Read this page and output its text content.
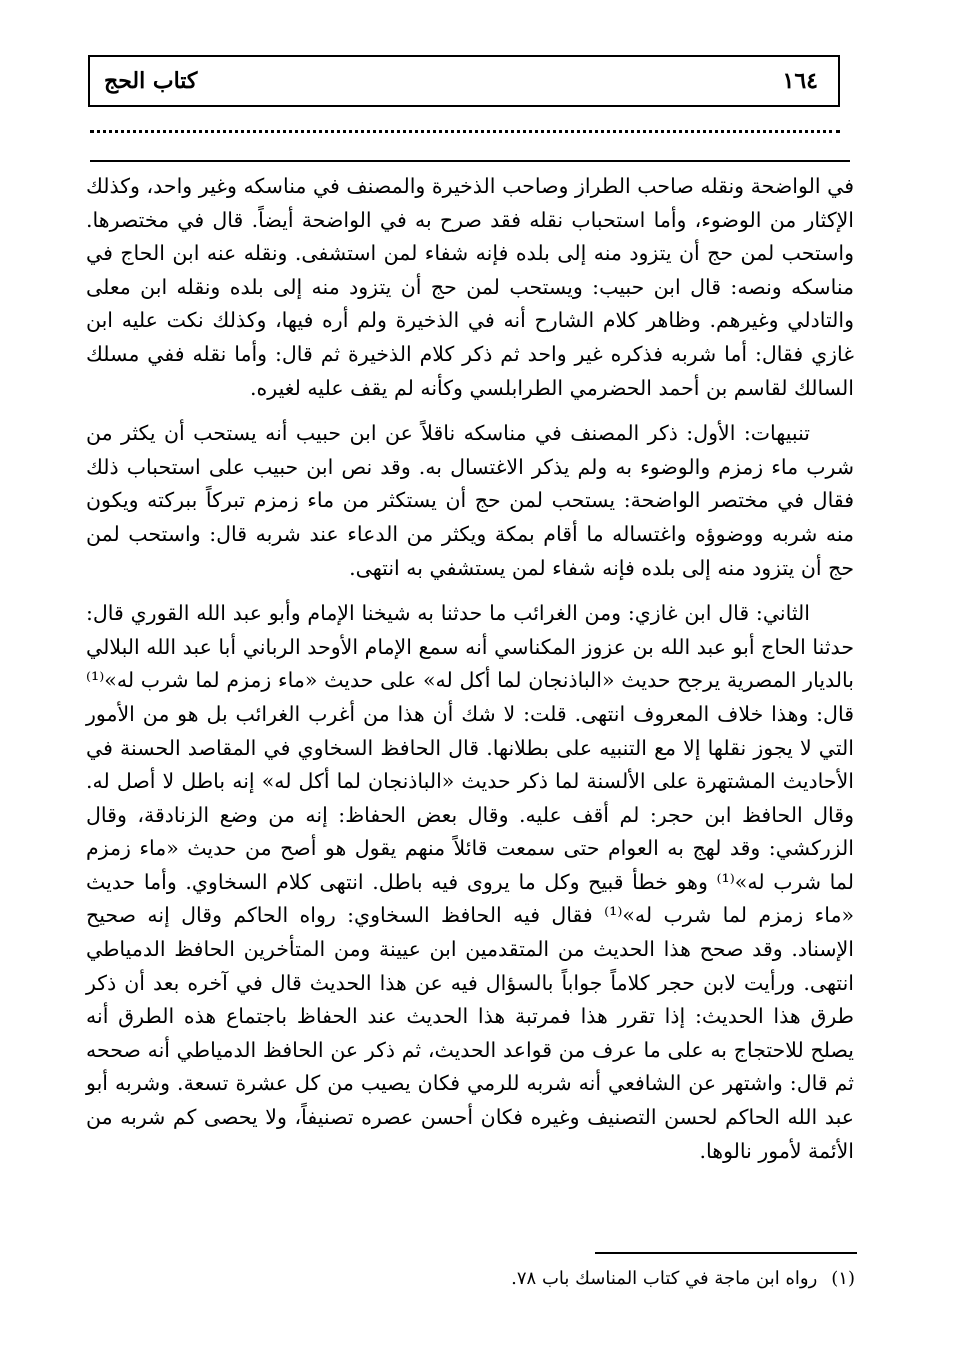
١٦٤
كتاب الحج

في الواضحة ونقله صاحب الطراز وصاحب الذخيرة والمصنف في مناسكه وغير واحد، وكذلك الإكثار من الوضوء، وأما استحباب نقله فقد صرح به في الواضحة أيضاً. قال في مختصرها. واستحب لمن حج أن يتزود منه إلى بلده فإنه شفاء لمن استشفى. ونقله عنه ابن الحاج في مناسكه ونصه: قال ابن حبيب: ويستحب لمن حج أن يتزود منه إلى بلده ونقله ابن معلى والتادلي وغيرهم. وظاهر كلام الشارح أنه في الذخيرة ولم أره فيها، وكذلك نكت عليه ابن غازي فقال: أما شربه فذكره غير واحد ثم ذكر كلام الذخيرة ثم قال: وأما نقله ففي مسلك السالك لقاسم بن أحمد الحضرمي الطرابلسي وكأنه لم يقف عليه لغيره.

تنبيهات: الأول: ذكر المصنف في مناسكه ناقلاً عن ابن حبيب أنه يستحب أن يكثر من شرب ماء زمزم والوضوء به ولم يذكر الاغتسال به. وقد نص ابن حبيب على استحباب ذلك فقال في مختصر الواضحة: يستحب لمن حج أن يستكثر من ماء زمزم تبركاً ببركته ويكون منه شربه ووضوؤه واغتساله ما أقام بمكة ويكثر من الدعاء عند شربه قال: واستحب لمن حج أن يتزود منه إلى بلده فإنه شفاء لمن يستشفي به انتهى.

الثاني: قال ابن غازي: ومن الغرائب ما حدثنا به شيخنا الإمام وأبو عبد الله القوري قال: حدثنا الحاج أبو عبد الله بن عزوز المكناسي أنه سمع الإمام الأوحد الرباني أبا عبد الله البلالي بالديار المصرية يرجح حديث «الباذنجان لما أكل له» على حديث «ماء زمزم لما شرب له»⁽¹⁾ قال: وهذا خلاف المعروف انتهى. قلت: لا شك أن هذا من أغرب الغرائب بل هو من الأمور التي لا يجوز نقلها إلا مع التنبيه على بطلانها. قال الحافظ السخاوي في المقاصد الحسنة في الأحاديث المشتهرة على الألسنة لما ذكر حديث «الباذنجان لما أكل له» إنه باطل لا أصل له. وقال الحافظ ابن حجر: لم أقف عليه. وقال بعض الحفاظ: إنه من وضع الزنادقة، وقال الزركشي: وقد لهج به العوام حتى سمعت قائلاً منهم يقول هو أصح من حديث «ماء زمزم لما شرب له»⁽¹⁾ وهو خطأ قبيح وكل ما يروى فيه باطل. انتهى كلام السخاوي. وأما حديث «ماء زمزم لما شرب له»⁽¹⁾ فقال فيه الحافظ السخاوي: رواه الحاكم وقال إنه صحيح الإسناد. وقد صحح هذا الحديث من المتقدمين ابن عيينة ومن المتأخرين الحافظ الدمياطي انتهى. ورأيت لابن حجر كلاماً جواباً بالسؤال فيه عن هذا الحديث قال في آخره بعد أن ذكر طرق هذا الحديث: إذا تقرر هذا فمرتبة هذا الحديث عند الحفاظ باجتماع هذه الطرق أنه يصلح للاحتجاج به على ما عرف من قواعد الحديث، ثم ذكر عن الحافظ الدمياطي أنه صححه ثم قال: واشتهر عن الشافعي أنه شربه للرمي فكان يصيب من كل عشرة تسعة. وشربه أبو عبد الله الحاكم لحسن التصنيف وغيره فكان أحسن عصره تصنيفاً، ولا يحصى كم شربه من الأئمة لأمور نالوها.

(١)رواه ابن ماجة في كتاب المناسك باب ٧٨.
